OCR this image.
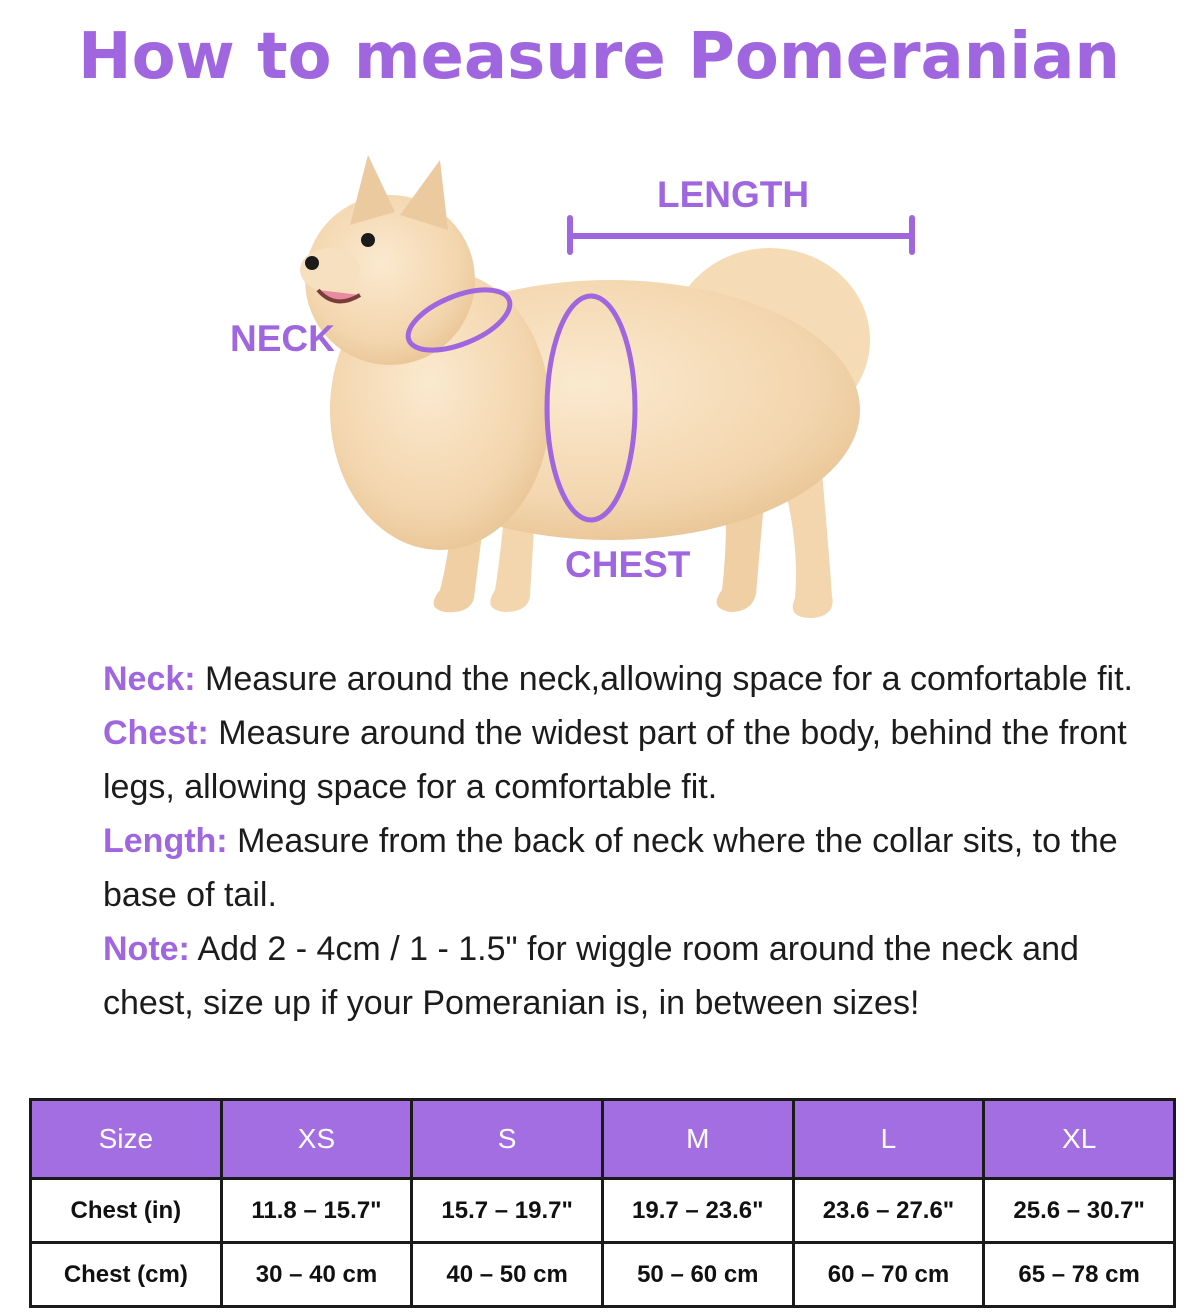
How to measure Pomeranian
LENGTH
NECK
CHEST

Neck: Measure around the neck,allowing space for a comfortable fit.

Chest: Measure around the widest part of the body, behind the front legs, allowing space for a comfortable fit.

Length: Measure from the back of neck where the collar sits, to the base of tail.

Note: Add 2 - 4cm / 1 - 1.5" for wiggle room around the neck and chest, size up if your Pomeranian is, in between sizes!

Size	XS	S	M	L	XL
Chest (in)	11.8 – 15.7"	15.7 – 19.7"	19.7 – 23.6"	23.6 – 27.6"	25.6 – 30.7"
Chest (cm)	30 – 40 cm	40 – 50 cm	50 – 60 cm	60 – 70 cm	65 – 78 cm
